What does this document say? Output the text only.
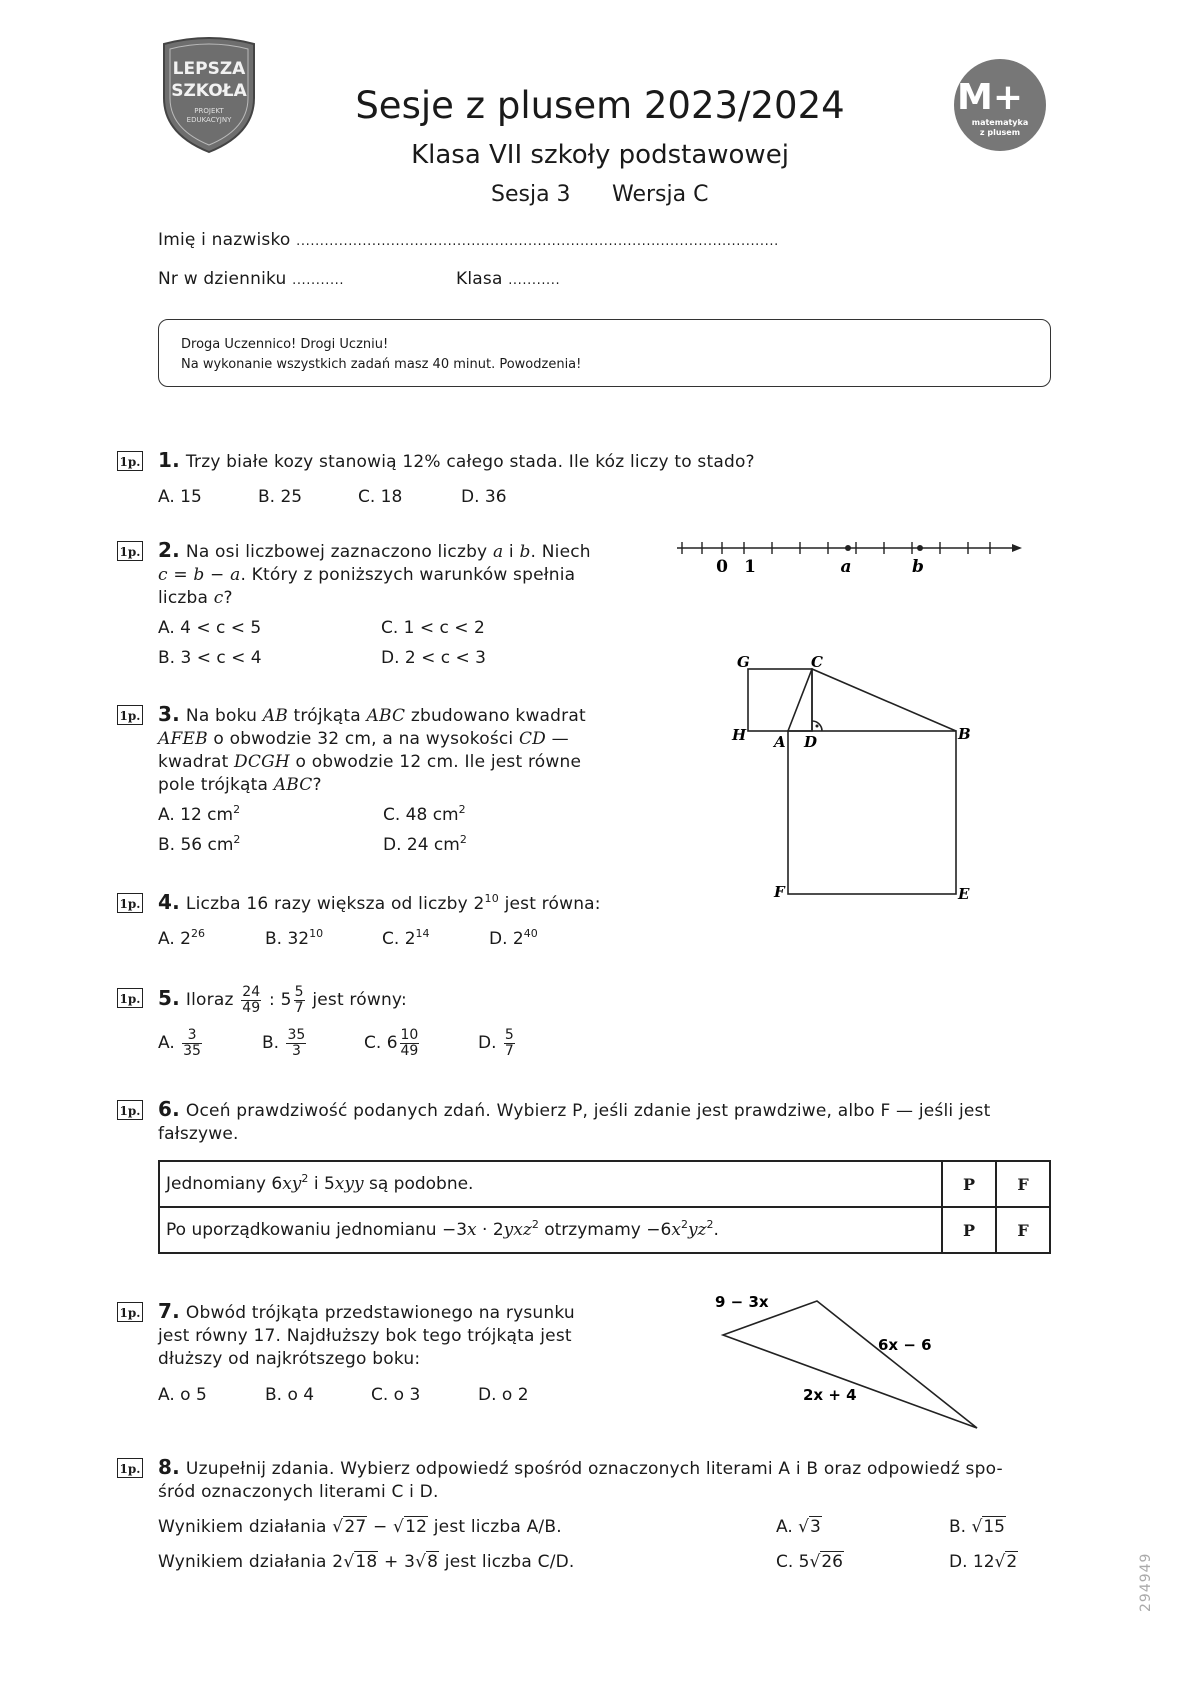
LEPSZA
SZKOŁA
PROJEKT
EDUKACYJNY
M+
matematyka
z plusem
Sesje z plusem 2023/2024
Klasa VII szkoły podstawowej
Sesja 3 Wersja C
Imię i nazwisko ......................................................................................................
Nr w dzienniku ...........	Klasa ...........
Droga Uczennico! Drogi Uczniu!
Na wykonanie wszystkich zadań masz 40 minut. Powodzenia!
1p. 1. Trzy białe kozy stanowią 12% całego stada. Ile kóz liczy to stado?
A. 15	B. 25	C. 18	D. 36
1p. 2. Na osi liczbowej zaznaczono liczby a i b. Niech
c = b − a. Który z poniższych warunków spełnia
liczba c?
A. 4 < c < 5	C. 1 < c < 2
B. 3 < c < 4	D. 2 < c < 3
0 1	a	b
1p. 3. Na boku AB trójkąta ABC zbudowano kwadrat
AFEB o obwodzie 32 cm, a na wysokości CD —
kwadrat DCGH o obwodzie 12 cm. Ile jest równe
pole trójkąta ABC?
A. 12 $cm^2$	C. 48 $cm^2$
B. 56 $cm^2$	D. 24 $cm^2$
G	C
H A D	B
F	E
1p. 4. Liczba 16 razy większa od liczby $2^{10}$ jest równa:
A. $2^{26}$	B. $32^{10}$	C. $2^{14}$	D. $2^{40}$
1p. 5. Iloraz $\frac{24}{49}$ : $5 \frac{5}{7}$ jest równy:
A. $\frac{3}{35}$	B. $\frac{35}{3}$	C. $6 \frac{10}{49}$	D. $\frac{5}{7}$
1p. 6. Oceń prawdziwość podanych zdań. Wybierz P, jeśli zdanie jest prawdziwe, albo F — jeśli jest
fałszywe.
Jednomiany $6xy^2$ i 5xyy są podobne.	P	F
Po uporządkowaniu jednomianu −3x · 2yxz$^2$ otrzymamy $-6x^2yz^2$.	P	F
1p. 7. Obwód trójkąta przedstawionego na rysunku
jest równy 17. Najdłuższy bok tego trójkąta jest
dłuższy od najkrótszego boku:
A. o 5	B. o 4	C. o 3	D. o 2
9 − 3x
6x − 6
2x + 4
1p. 8. Uzupełnij zdania. Wybierz odpowiedź spośród oznaczonych literami A i B oraz odpowiedź spo-
śród oznaczonych literami C i D.
Wynikiem działania √27 − √12 jest liczba A/B.
Wynikiem działania 2√18 + 3√8 jest liczba C/D.
A. √3	B. √15
C. 5√26	D. 12√2	294949
